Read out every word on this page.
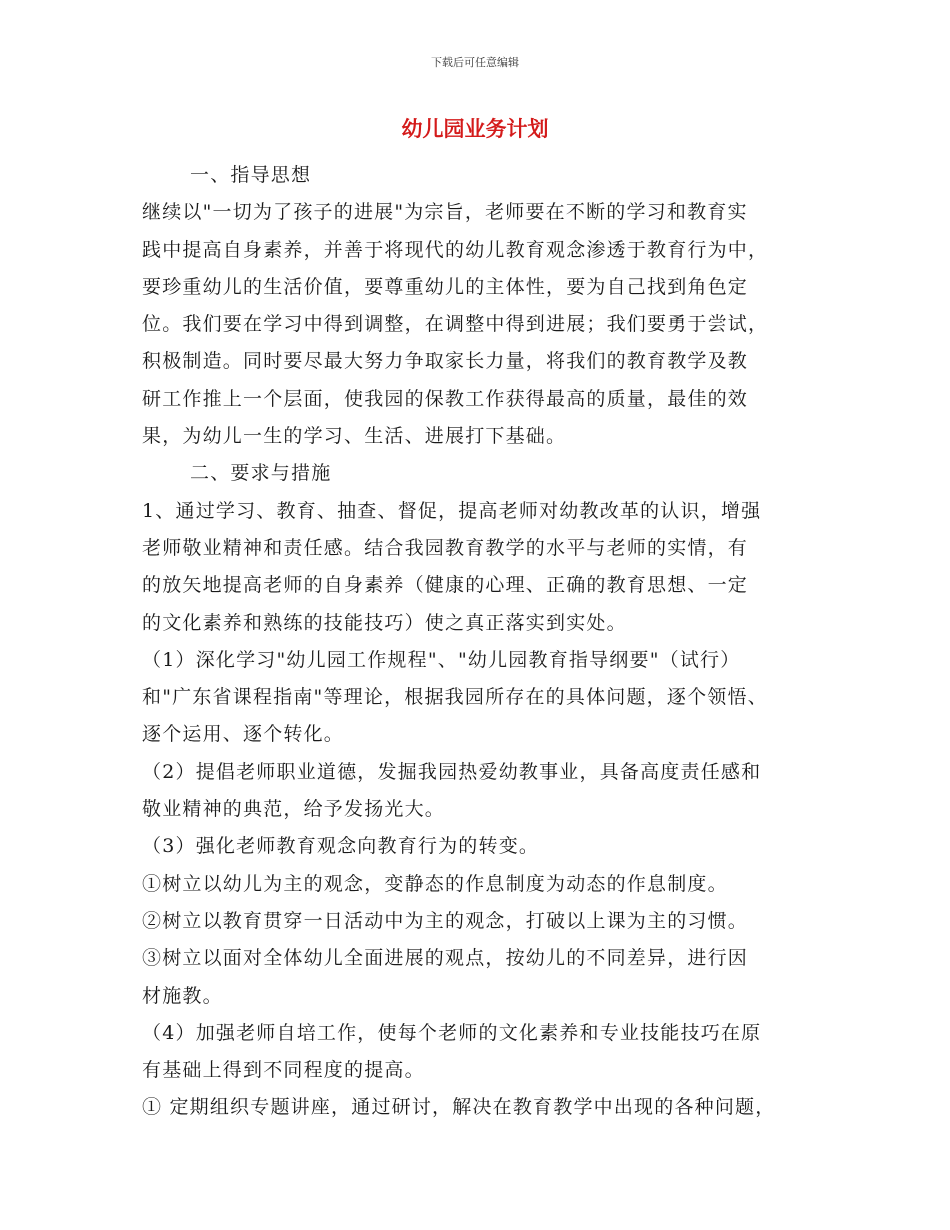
下载后可任意编辑
幼儿园业务计划
一、指导思想
继续以"一切为了孩子的进展"为宗旨，老师要在不断的学习和教育实
践中提高自身素养，并善于将现代的幼儿教育观念渗透于教育行为中，
要珍重幼儿的生活价值，要尊重幼儿的主体性，要为自己找到角色定
位。我们要在学习中得到调整，在调整中得到进展；我们要勇于尝试，
积极制造。同时要尽最大努力争取家长力量，将我们的教育教学及教
研工作推上一个层面，使我园的保教工作获得最高的质量，最佳的效
果，为幼儿一生的学习、生活、进展打下基础。
二、要求与措施
1、通过学习、教育、抽查、督促，提高老师对幼教改革的认识，增强
老师敬业精神和责任感。结合我园教育教学的水平与老师的实情，有
的放矢地提高老师的自身素养（健康的心理、正确的教育思想、一定
的文化素养和熟练的技能技巧）使之真正落实到实处。
（1）深化学习"幼儿园工作规程"、"幼儿园教育指导纲要"（试行）
和"广东省课程指南"等理论，根据我园所存在的具体问题，逐个领悟、
逐个运用、逐个转化。
（2）提倡老师职业道德，发掘我园热爱幼教事业，具备高度责任感和
敬业精神的典范，给予发扬光大。
（3）强化老师教育观念向教育行为的转变。
①树立以幼儿为主的观念，变静态的作息制度为动态的作息制度。
②树立以教育贯穿一日活动中为主的观念，打破以上课为主的习惯。
③树立以面对全体幼儿全面进展的观点，按幼儿的不同差异，进行因
材施教。
（4）加强老师自培工作，使每个老师的文化素养和专业技能技巧在原
有基础上得到不同程度的提高。
① 定期组织专题讲座，通过研讨，解决在教育教学中出现的各种问题，
